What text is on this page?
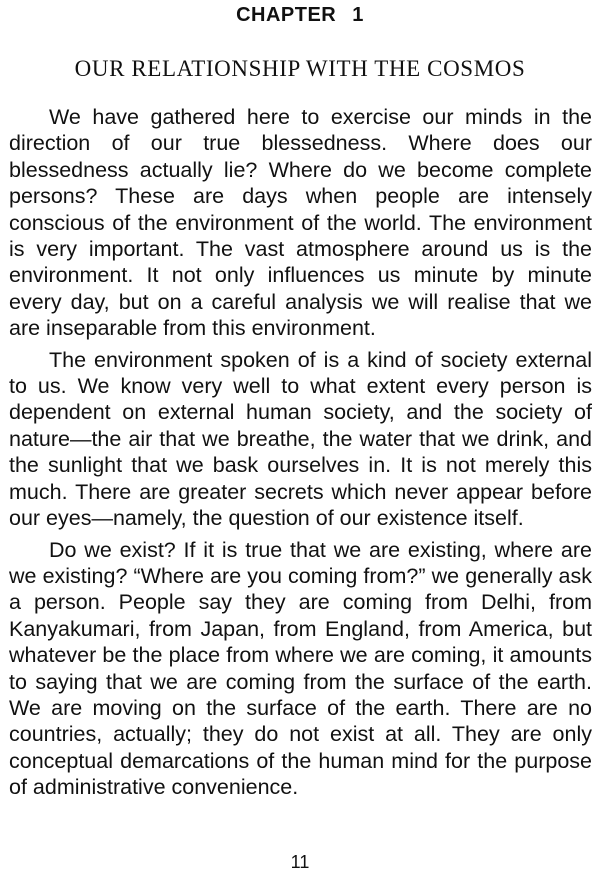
CHAPTER 1
OUR RELATIONSHIP WITH THE COSMOS

We have gathered here to exercise our minds in the direction of our true blessedness. Where does our blessedness actually lie? Where do we become complete persons? These are days when people are intensely conscious of the environment of the world. The environment is very important. The vast atmosphere around us is the environment. It not only influences us minute by minute every day, but on a careful analysis we will realise that we are inseparable from this environment.

The environment spoken of is a kind of society external to us. We know very well to what extent every person is dependent on external human society, and the society of nature—the air that we breathe, the water that we drink, and the sunlight that we bask ourselves in. It is not merely this much. There are greater secrets which never appear before our eyes—namely, the question of our existence itself.

Do we exist? If it is true that we are existing, where are we existing? “Where are you coming from?” we generally ask a person. People say they are coming from Delhi, from Kanyakumari, from Japan, from England, from America, but whatever be the place from where we are coming, it amounts to saying that we are coming from the surface of the earth. We are moving on the surface of the earth. There are no countries, actually; they do not exist at all. They are only conceptual demarcations of the human mind for the purpose of administrative convenience.

11
